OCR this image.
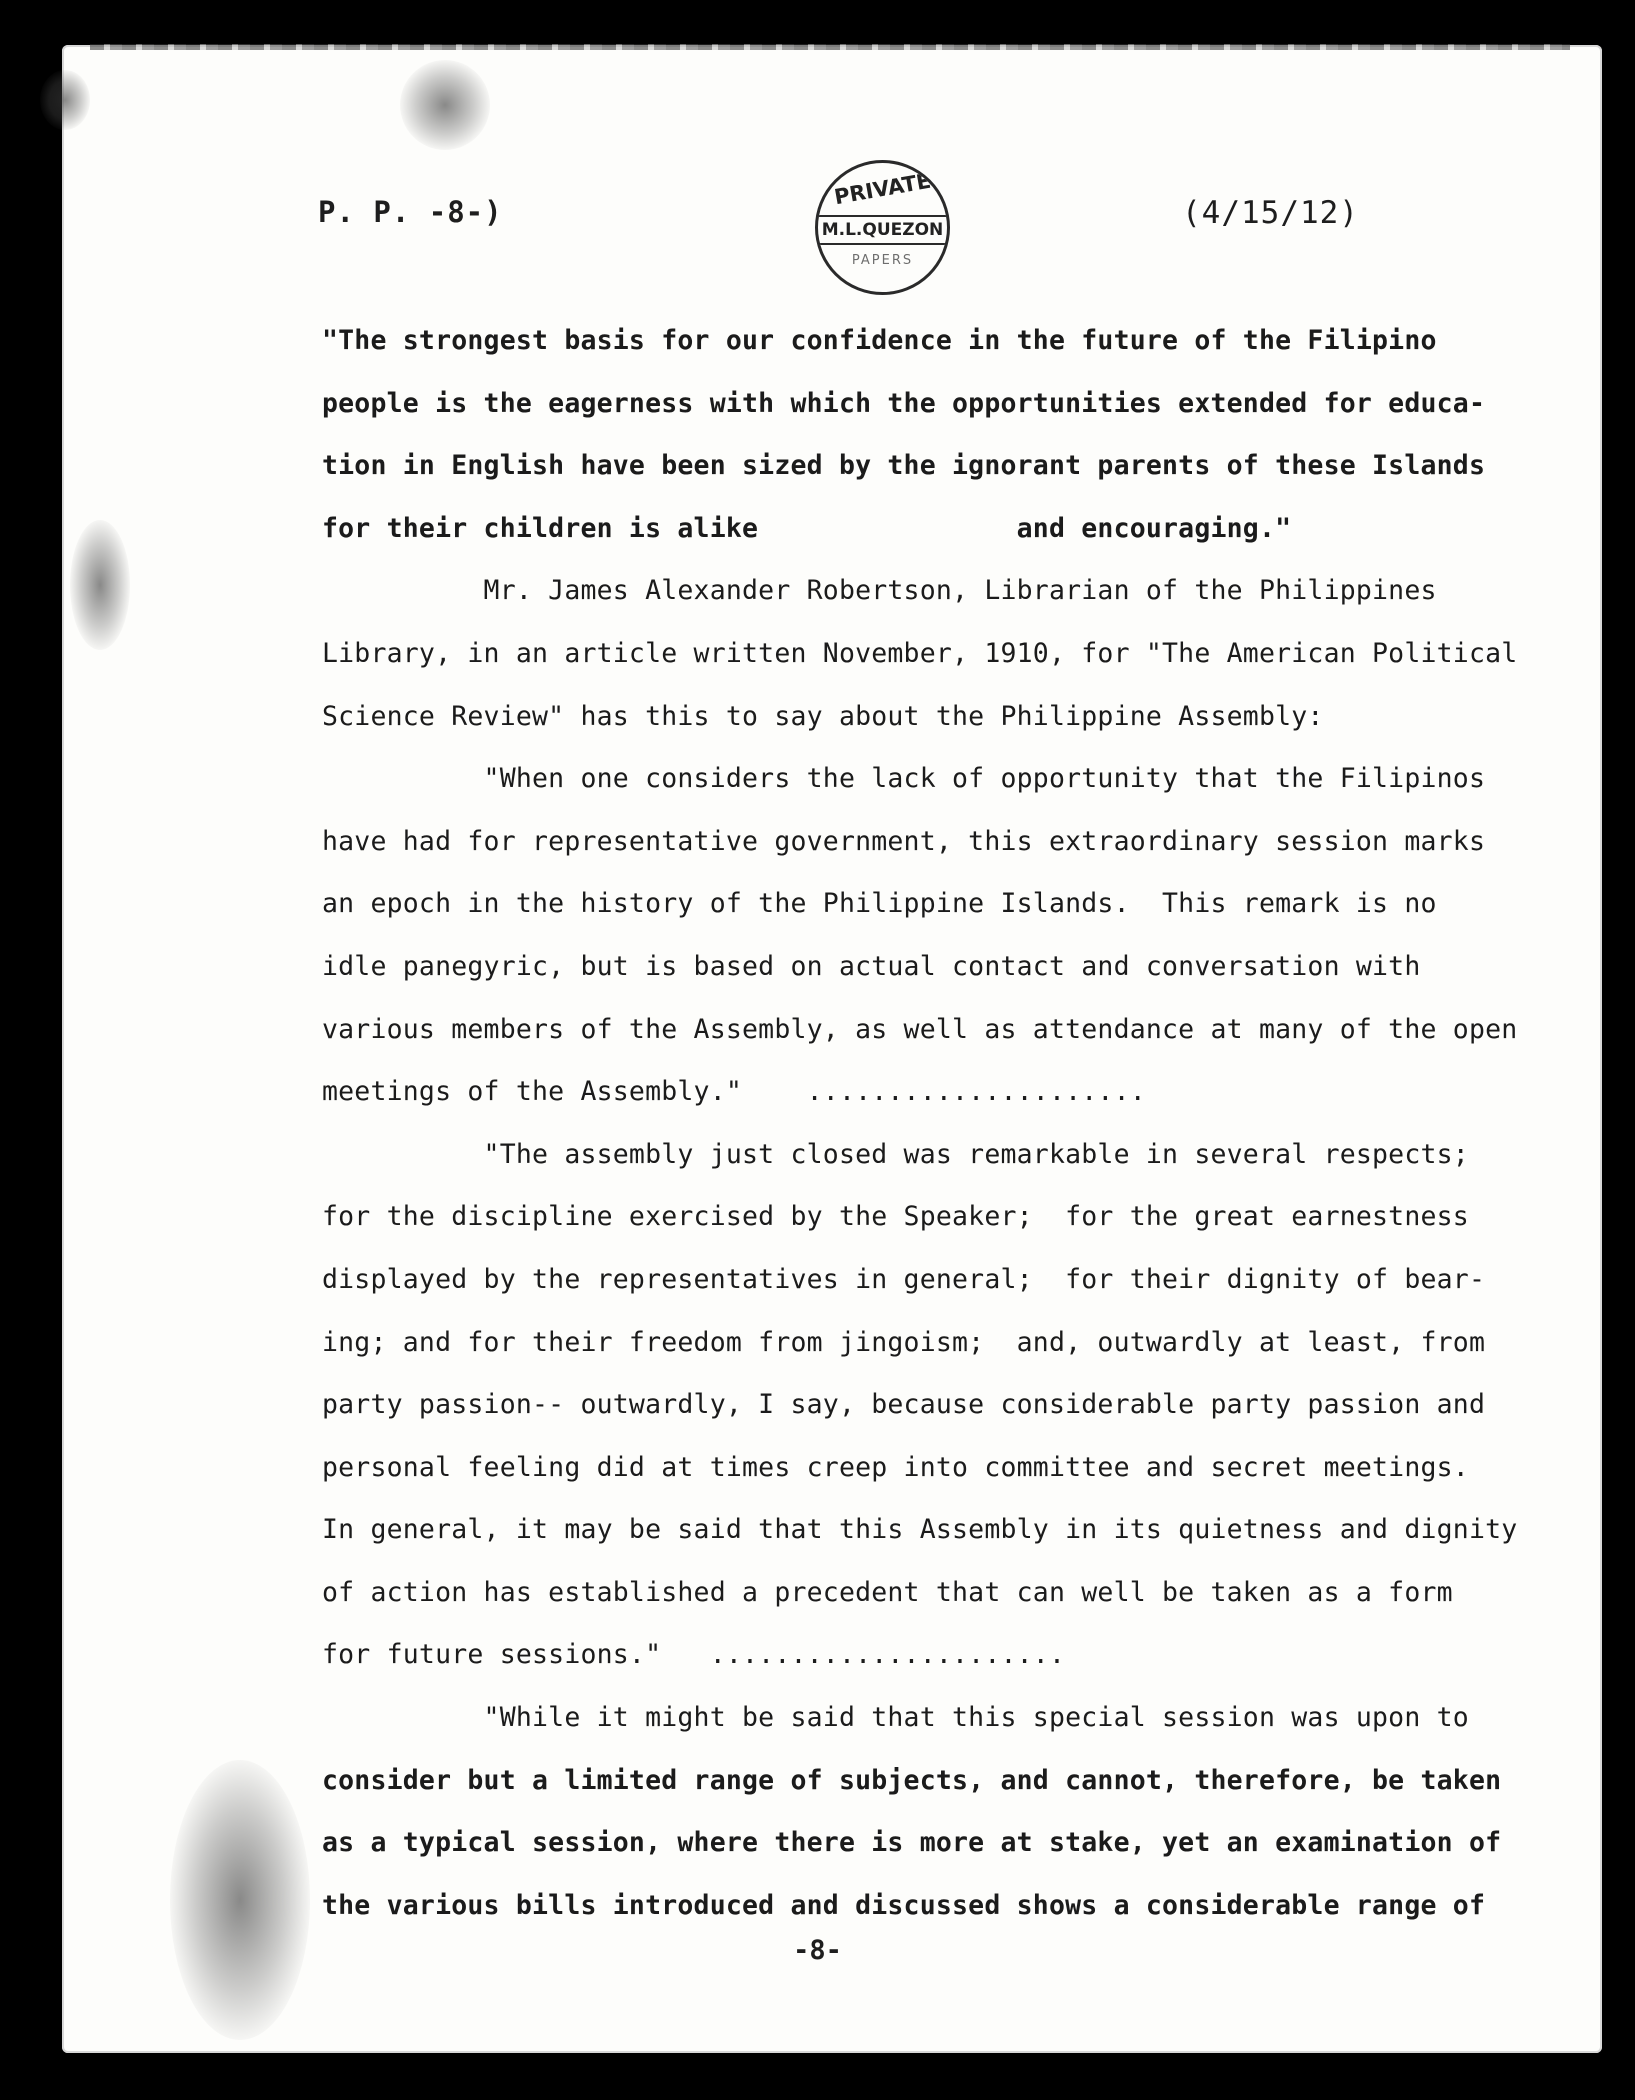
P. P. -8-)
PRIVATE
M.L.QUEZON
PAPERS
(4/15/12)
"The strongest basis for our confidence in the future of the Filipino
people is the eagerness with which the opportunities extended for educa-
tion in English have been sized by the ignorant parents of these Islands
for their children is alike                and encouraging."
Mr. James Alexander Robertson, Librarian of the Philippines
Library, in an article written November, 1910, for "The American Political
Science Review" has this to say about the Philippine Assembly:
"When one considers the lack of opportunity that the Filipinos
have had for representative government, this extraordinary session marks
an epoch in the history of the Philippine Islands.  This remark is no
idle panegyric, but is based on actual contact and conversation with
various members of the Assembly, as well as attendance at many of the open
meetings of the Assembly."    .....................
"The assembly just closed was remarkable in several respects;
for the discipline exercised by the Speaker;  for the great earnestness
displayed by the representatives in general;  for their dignity of bear-
ing; and for their freedom from jingoism;  and, outwardly at least, from
party passion-- outwardly, I say, because considerable party passion and
personal feeling did at times creep into committee and secret meetings.
In general, it may be said that this Assembly in its quietness and dignity
of action has established a precedent that can well be taken as a form
for future sessions."   ......................
"While it might be said that this special session was upon to
consider but a limited range of subjects, and cannot, therefore, be taken
as a typical session, where there is more at stake, yet an examination of
the various bills introduced and discussed shows a considerable range of
-8-
